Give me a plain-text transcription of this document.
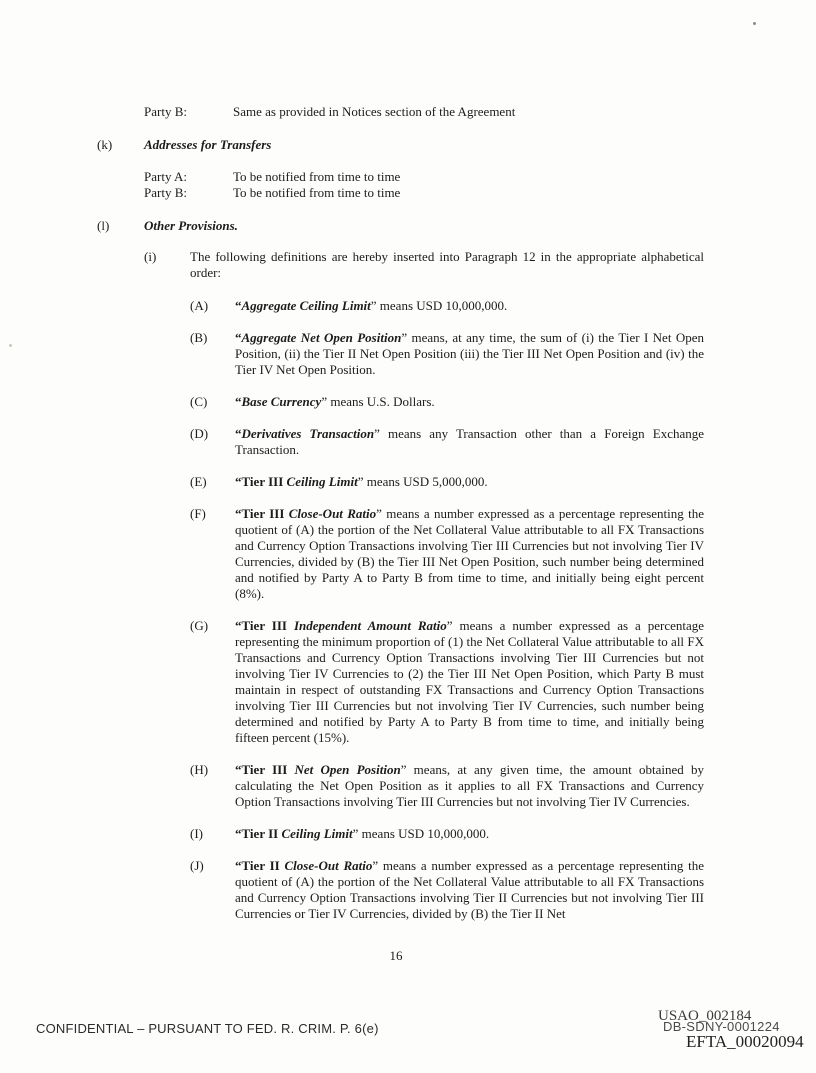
Party B:	Same as provided in Notices section of the Agreement
(k) Addresses for Transfers
Party A:	To be notified from time to time
Party B:	To be notified from time to time
(l)	Other Provisions.
(i)	The following definitions are hereby inserted into Paragraph 12 in the appropriate alphabetical order:

(A) “Aggregate Ceiling Limit” means USD 10,000,000.

(B) “Aggregate Net Open Position” means, at any time, the sum of (i) the Tier I Net Open Position, (ii) the Tier II Net Open Position (iii) the Tier III Net Open Position and (iv) the Tier IV Net Open Position.

(C) “Base Currency” means U.S. Dollars.

(D) “Derivatives Transaction” means any Transaction other than a Foreign Exchange Transaction.

(E) “Tier III Ceiling Limit” means USD 5,000,000.

(F) “Tier III Close-Out Ratio” means a number expressed as a percentage representing the quotient of (A) the portion of the Net Collateral Value attributable to all FX Transactions and Currency Option Transactions involving Tier III Currencies but not involving Tier IV Currencies, divided by (B) the Tier III Net Open Position, such number being determined and notified by Party A to Party B from time to time, and initially being eight percent (8%).

(G) “Tier III Independent Amount Ratio” means a number expressed as a percentage representing the minimum proportion of (1) the Net Collateral Value attributable to all FX Transactions and Currency Option Transactions involving Tier III Currencies but not involving Tier IV Currencies to (2) the Tier III Net Open Position, which Party B must maintain in respect of outstanding FX Transactions and Currency Option Transactions involving Tier III Currencies but not involving Tier IV Currencies, such number being determined and notified by Party A to Party B from time to time, and initially being fifteen percent (15%).

(H) “Tier III Net Open Position” means, at any given time, the amount obtained by calculating the Net Open Position as it applies to all FX Transactions and Currency Option Transactions involving Tier III Currencies but not involving Tier IV Currencies.

(I) “Tier II Ceiling Limit” means USD 10,000,000.

(J) “Tier II Close-Out Ratio” means a number expressed as a percentage representing the quotient of (A) the portion of the Net Collateral Value attributable to all FX Transactions and Currency Option Transactions involving Tier II Currencies but not involving Tier III Currencies or Tier IV Currencies, divided by (B) the Tier II Net

16
CONFIDENTIAL – PURSUANT TO FED. R. CRIM. P. 6(e)
USAO_002184
DB-SDNY-0001224
EFTA_00020094
